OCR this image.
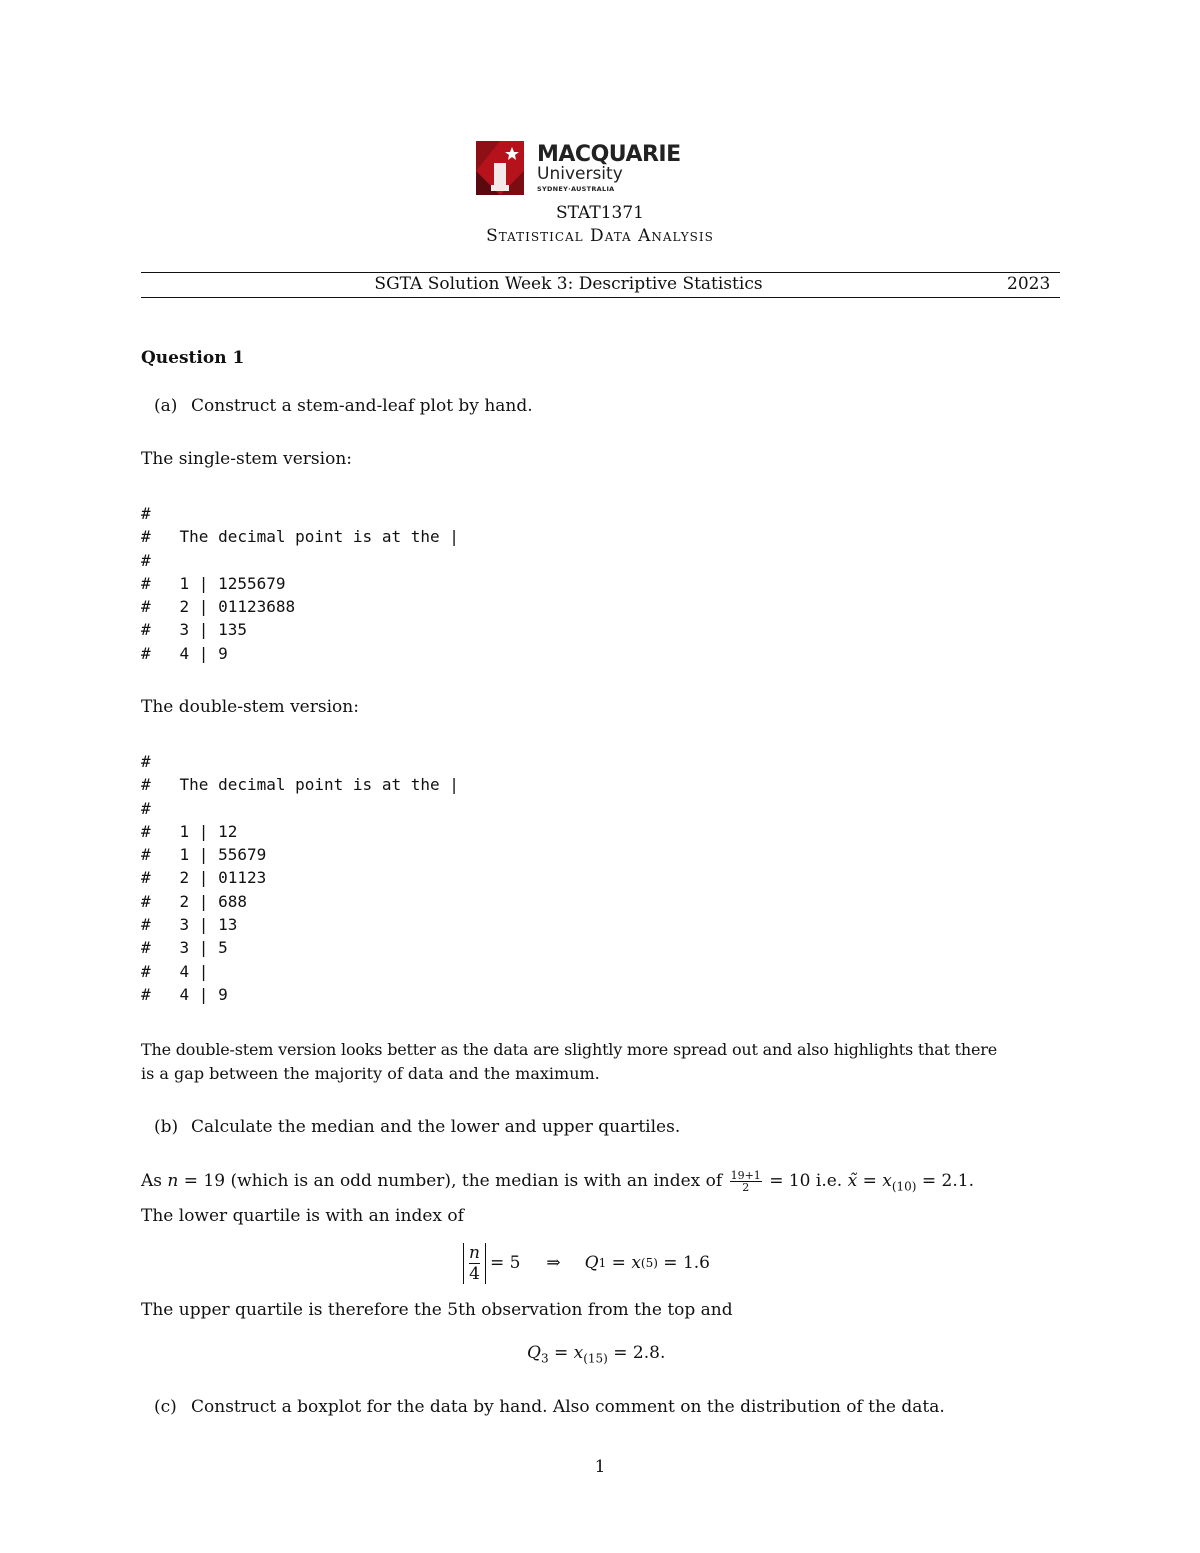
MACQUARIE
University
SYDNEY·AUSTRALIA
STAT1371
Statistical Data Analysis
SGTA Solution Week 3: Descriptive Statistics	2023
Question 1
(a) Construct a stem-and-leaf plot by hand.
The single-stem version:
#
#   The decimal point is at the |
#
#   1 | 1255679
#   2 | 01123688
#   3 | 135
#   4 | 9
The double-stem version:
#
#   The decimal point is at the |
#
#   1 | 12
#   1 | 55679
#   2 | 01123
#   2 | 688
#   3 | 13
#   3 | 5
#   4 |
#   4 | 9
The double-stem version looks better as the data are slightly more spread out and also highlights that there
is a gap between the majority of data and the maximum.
(b) Calculate the median and the lower and upper quartiles.
As n = 19 (which is an odd number), the median is with an index of $\frac{19+1}{2} = 10$ i.e. x̃ = $x_{(10)} = 2.1$.
The lower quartile is with an index of
$\frac{n}{4} = 5$ ⇒ Q 1 = x (5) = 1.6
The upper quartile is therefore the 5th observation from the top and
$Q_3 = x_{(15)} = 2.8$.
(c) Construct a boxplot for the data by hand. Also comment on the distribution of the data.
1
